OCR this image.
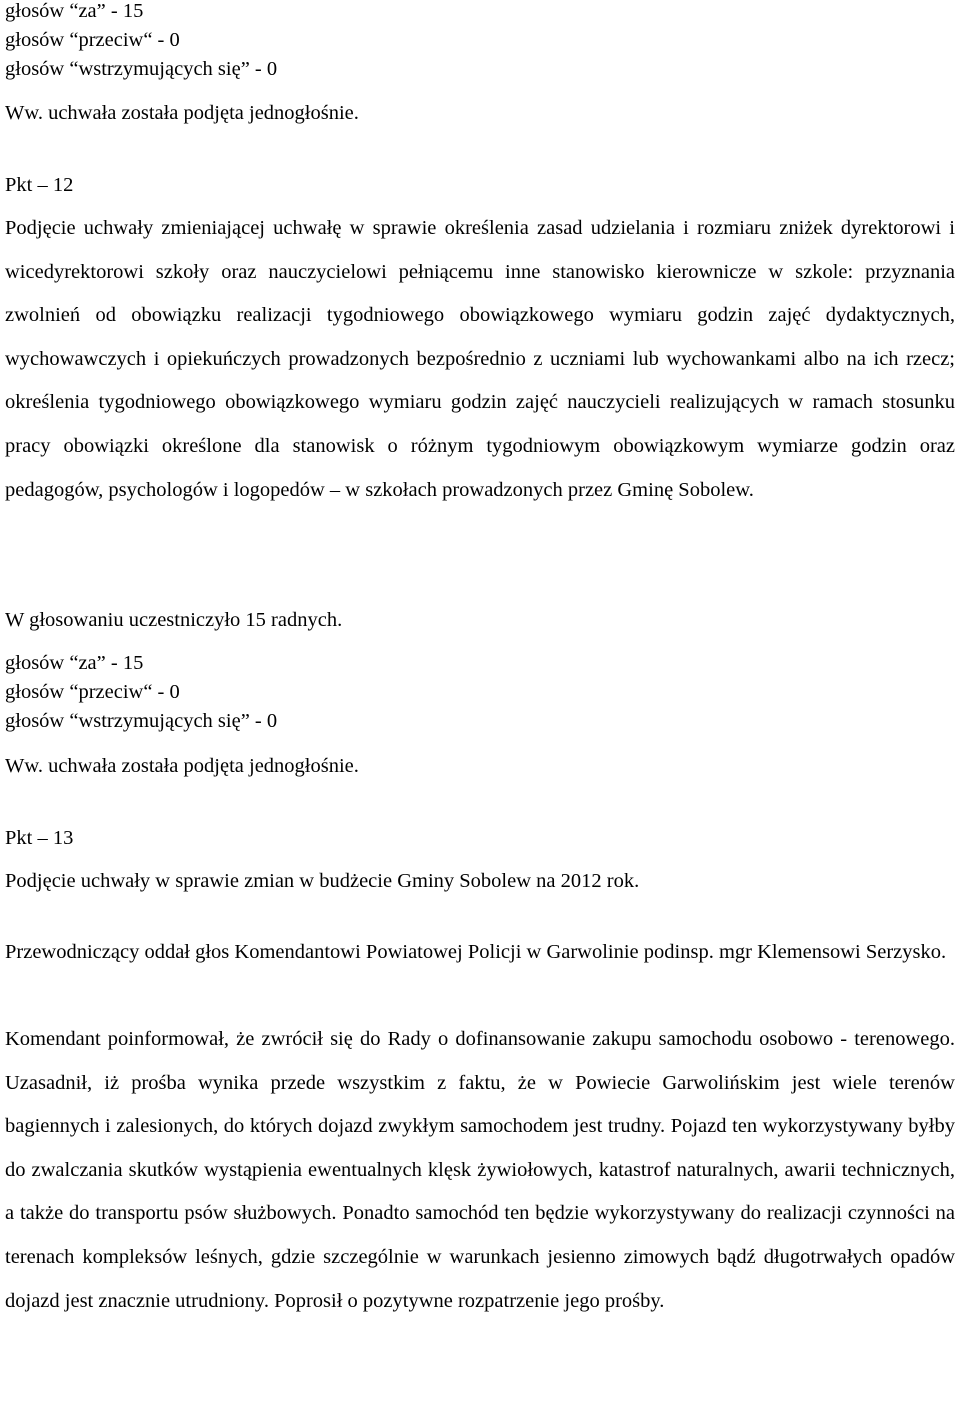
głosów “za” - 15

głosów “przeciw“ - 0

głosów “wstrzymujących się” - 0

Ww. uchwała została podjęta jednogłośnie.

Pkt – 12

Podjęcie uchwały zmieniającej uchwałę w sprawie określenia zasad udzielania i rozmiaru zniżek dyrektorowi i wicedyrektorowi szkoły oraz nauczycielowi pełniącemu inne stanowisko kierownicze w szkole: przyznania zwolnień od obowiązku realizacji tygodniowego obowiązkowego wymiaru godzin zajęć dydaktycznych, wychowawczych i opiekuńczych prowadzonych bezpośrednio z uczniami lub wychowankami albo na ich rzecz; określenia tygodniowego obowiązkowego wymiaru godzin zajęć nauczycieli realizujących w ramach stosunku pracy obowiązki określone dla stanowisk o różnym tygodniowym obowiązkowym wymiarze godzin oraz pedagogów, psychologów i logopedów – w szkołach prowadzonych przez Gminę Sobolew.

W głosowaniu uczestniczyło 15 radnych.

głosów “za” - 15

głosów “przeciw“ - 0

głosów “wstrzymujących się” - 0

Ww. uchwała została podjęta jednogłośnie.

Pkt – 13

Podjęcie uchwały w sprawie zmian w budżecie Gminy Sobolew na 2012 rok.

Przewodniczący oddał głos Komendantowi Powiatowej Policji w Garwolinie podinsp. mgr Klemensowi Serzysko.

Komendant poinformował, że zwrócił się do Rady o dofinansowanie zakupu samochodu osobowo - terenowego. Uzasadnił, iż prośba wynika przede wszystkim z faktu, że w Powiecie Garwolińskim jest wiele terenów bagiennych i zalesionych, do których dojazd zwykłym samochodem jest trudny. Pojazd ten wykorzystywany byłby do zwalczania skutków wystąpienia ewentualnych klęsk żywiołowych, katastrof naturalnych, awarii technicznych, a także do transportu psów służbowych. Ponadto samochód ten będzie wykorzystywany do realizacji czynności na terenach kompleksów leśnych, gdzie szczególnie w warunkach jesienno zimowych bądź długotrwałych opadów dojazd jest znacznie utrudniony. Poprosił o pozytywne rozpatrzenie jego prośby.
